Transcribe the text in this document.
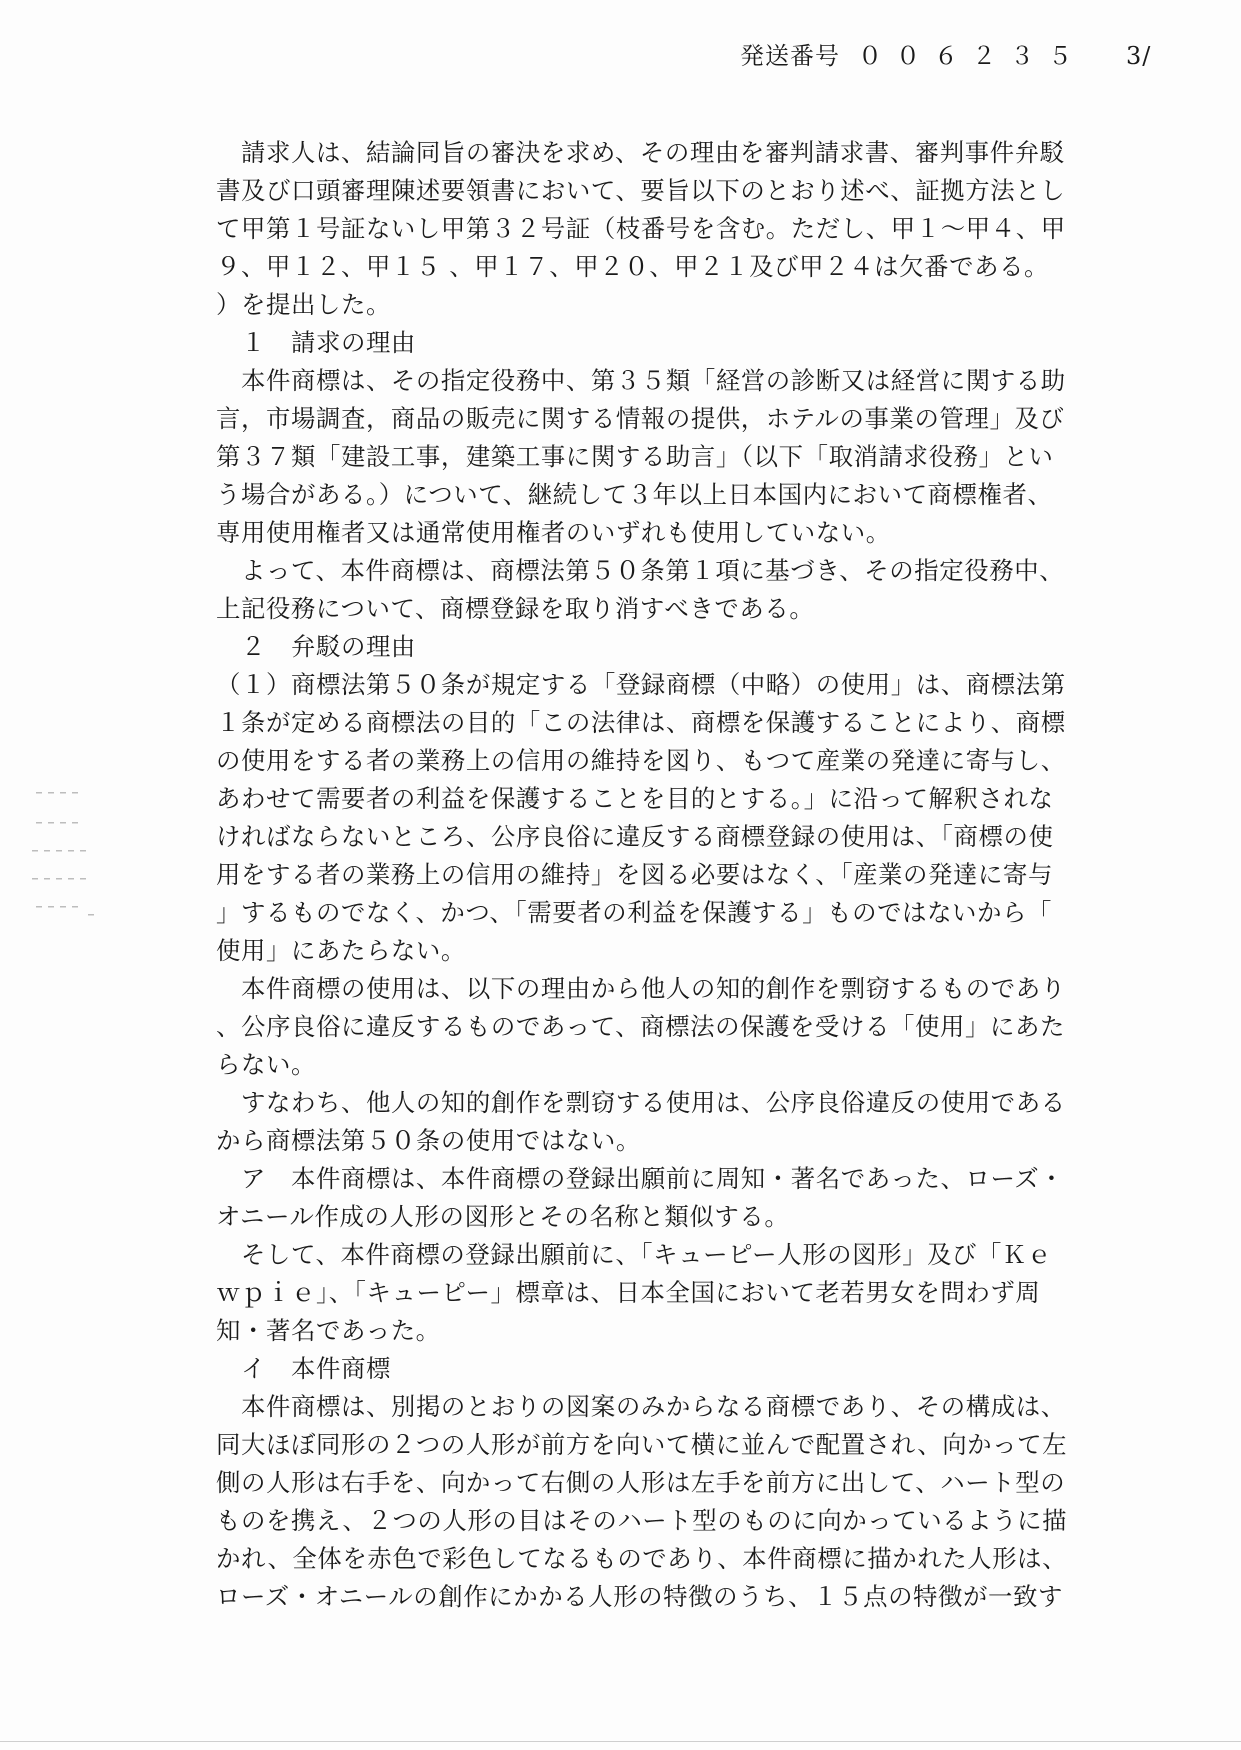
発送番号 ００６２３５ 3/
　請求人は、結論同旨の審決を求め、その理由を審判請求書、審判事件弁駁
書及び口頭審理陳述要領書において、要旨以下のとおり述べ、証拠方法とし
て甲第１号証ないし甲第３２号証（枝番号を含む。ただし、甲１～甲４、甲
９、甲１２、甲１５ 、甲１７、甲２０、甲２１及び甲２４は欠番である。
）を提出した。
　１　請求の理由
　本件商標は、その指定役務中、第３５類「経営の診断又は経営に関する助
言，市場調査，商品の販売に関する情報の提供，ホテルの事業の管理」及び
第３７類「建設工事，建築工事に関する助言」（以下「取消請求役務」とい
う場合がある。）について、継続して３年以上日本国内において商標権者、
専用使用権者又は通常使用権者のいずれも使用していない。
　よって、本件商標は、商標法第５０条第１項に基づき、その指定役務中、
上記役務について、商標登録を取り消すべきである。
　２　弁駁の理由
（１）商標法第５０条が規定する「登録商標（中略）の使用」は、商標法第
１条が定める商標法の目的「この法律は、商標を保護することにより、商標
の使用をする者の業務上の信用の維持を図り、もつて産業の発達に寄与し、
あわせて需要者の利益を保護することを目的とする。」に沿って解釈されな
ければならないところ、公序良俗に違反する商標登録の使用は、「商標の使
用をする者の業務上の信用の維持」を図る必要はなく、「産業の発達に寄与
」するものでなく、かつ、「需要者の利益を保護する」ものではないから「
使用」にあたらない。
　本件商標の使用は、以下の理由から他人の知的創作を剽窃するものであり
、公序良俗に違反するものであって、商標法の保護を受ける「使用」にあた
らない。
　すなわち、他人の知的創作を剽窃する使用は、公序良俗違反の使用である
から商標法第５０条の使用ではない。
　ア　本件商標は、本件商標の登録出願前に周知・著名であった、ローズ・
オニール作成の人形の図形とその名称と類似する。
　そして、本件商標の登録出願前に、「キューピー人形の図形」及び「Ｋｅ
ｗｐｉｅ」、「キューピー」標章は、日本全国において老若男女を問わず周
知・著名であった。
　イ　本件商標
　本件商標は、別掲のとおりの図案のみからなる商標であり、その構成は、
同大ほぼ同形の２つの人形が前方を向いて横に並んで配置され、向かって左
側の人形は右手を、向かって右側の人形は左手を前方に出して、ハート型の
ものを携え、２つの人形の目はそのハート型のものに向かっているように描
かれ、全体を赤色で彩色してなるものであり、本件商標に描かれた人形は、
ローズ・オニールの創作にかかる人形の特徴のうち、１５点の特徴が一致す
